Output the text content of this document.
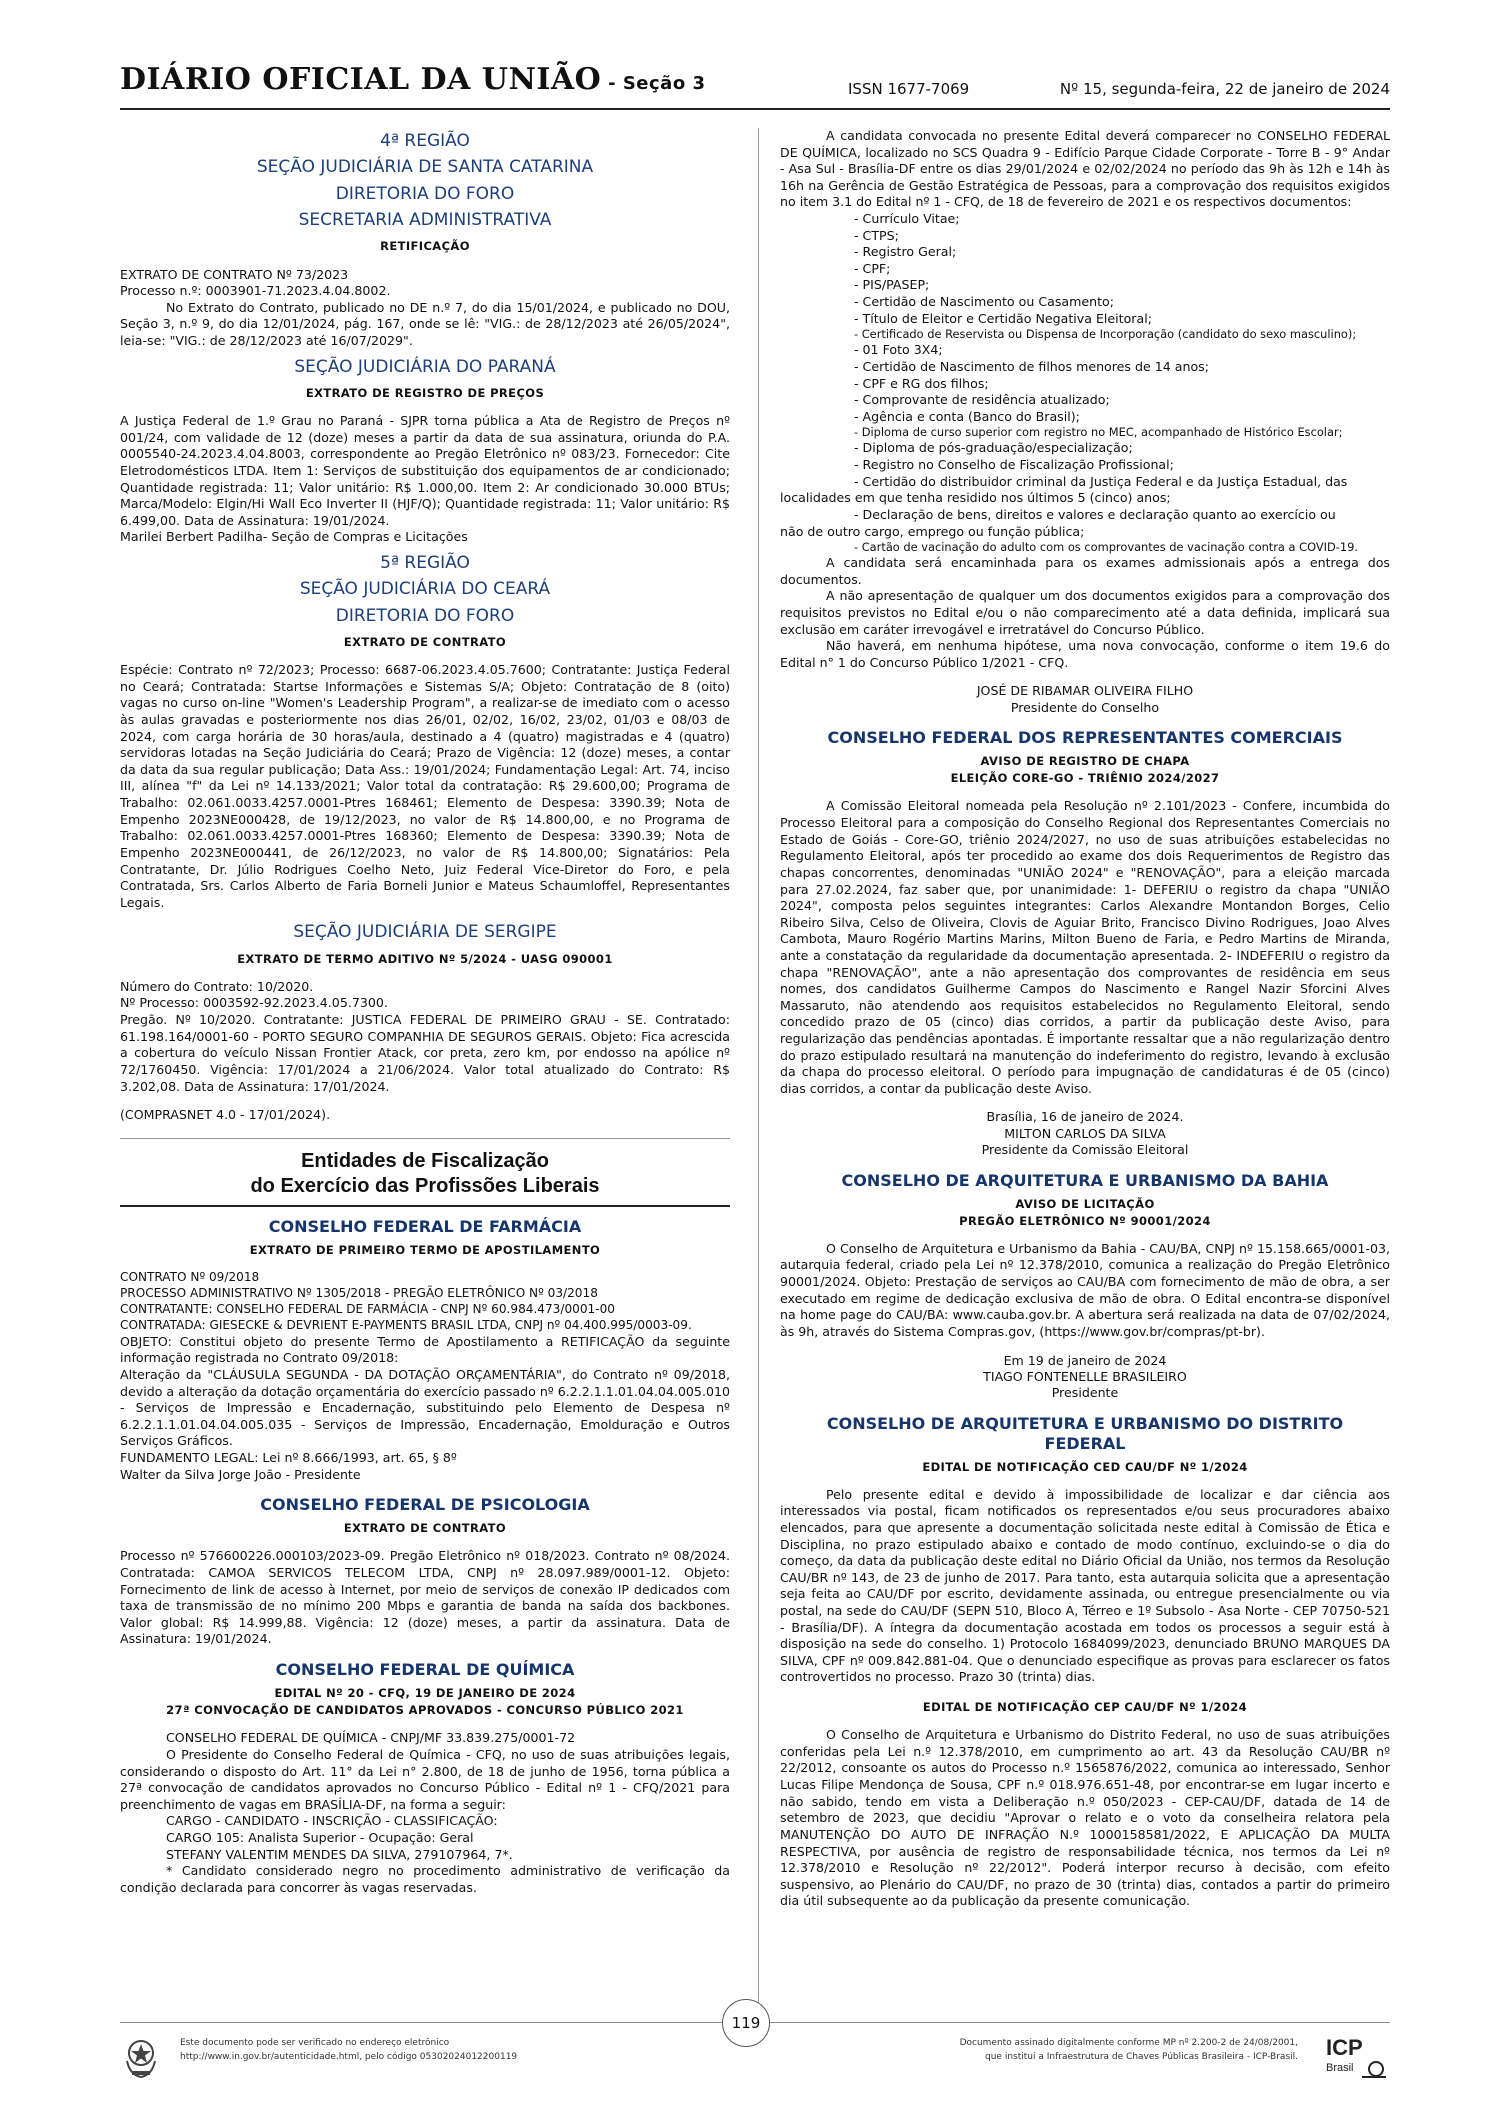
DIÁRIO OFICIAL DA UNIÃO - Seção 3	ISSN 1677-7069	Nº 15, segunda-feira, 22 de janeiro de 2024
4ª REGIÃO
SEÇÃO JUDICIÁRIA DE SANTA CATARINA
DIRETORIA DO FORO
SECRETARIA ADMINISTRATIVA
RETIFICAÇÃO

EXTRATO DE CONTRATO Nº 73/2023

Processo n.º: 0003901-71.2023.4.04.8002.

No Extrato do Contrato, publicado no DE n.º 7, do dia 15/01/2024, e publicado no DOU, Seção 3, n.º 9, do dia 12/01/2024, pág. 167, onde se lê: "VIG.: de 28/12/2023 até 26/05/2024", leia-se: "VIG.: de 28/12/2023 até 16/07/2029".

SEÇÃO JUDICIÁRIA DO PARANÁ
EXTRATO DE REGISTRO DE PREÇOS

A Justiça Federal de 1.º Grau no Paraná - SJPR torna pública a Ata de Registro de Preços nº 001/24, com validade de 12 (doze) meses a partir da data de sua assinatura, oriunda do P.A. 0005540-24.2023.4.04.8003, correspondente ao Pregão Eletrônico nº 083/23. Fornecedor: Cite Eletrodomésticos LTDA. Item 1: Serviços de substituição dos equipamentos de ar condicionado; Quantidade registrada: 11; Valor unitário: R$ 1.000,00. Item 2: Ar condicionado 30.000 BTUs; Marca/Modelo: Elgin/Hi Wall Eco Inverter II (HJF/Q); Quantidade registrada: 11; Valor unitário: R$ 6.499,00. Data de Assinatura: 19/01/2024.

Marilei Berbert Padilha- Seção de Compras e Licitações

5ª REGIÃO
SEÇÃO JUDICIÁRIA DO CEARÁ
DIRETORIA DO FORO
EXTRATO DE CONTRATO

Espécie: Contrato nº 72/2023; Processo: 6687-06.2023.4.05.7600; Contratante: Justiça Federal no Ceará; Contratada: Startse Informações e Sistemas S/A; Objeto: Contratação de 8 (oito) vagas no curso on-line "Women's Leadership Program", a realizar-se de imediato com o acesso às aulas gravadas e posteriormente nos dias 26/01, 02/02, 16/02, 23/02, 01/03 e 08/03 de 2024, com carga horária de 30 horas/aula, destinado a 4 (quatro) magistradas e 4 (quatro) servidoras lotadas na Seção Judiciária do Ceará; Prazo de Vigência: 12 (doze) meses, a contar da data da sua regular publicação; Data Ass.: 19/01/2024; Fundamentação Legal: Art. 74, inciso III, alínea "f" da Lei nº 14.133/2021; Valor total da contratação: R$ 29.600,00; Programa de Trabalho: 02.061.0033.4257.0001-Ptres 168461; Elemento de Despesa: 3390.39; Nota de Empenho 2023NE000428, de 19/12/2023, no valor de R$ 14.800,00, e no Programa de Trabalho: 02.061.0033.4257.0001-Ptres 168360; Elemento de Despesa: 3390.39; Nota de Empenho 2023NE000441, de 26/12/2023, no valor de R$ 14.800,00; Signatários: Pela Contratante, Dr. Júlio Rodrigues Coelho Neto, Juiz Federal Vice-Diretor do Foro, e pela Contratada, Srs. Carlos Alberto de Faria Borneli Junior e Mateus Schaumloffel, Representantes Legais.

SEÇÃO JUDICIÁRIA DE SERGIPE
EXTRATO DE TERMO ADITIVO Nº 5/2024 - UASG 090001

Número do Contrato: 10/2020.

Nº Processo: 0003592-92.2023.4.05.7300.

Pregão. Nº 10/2020. Contratante: JUSTICA FEDERAL DE PRIMEIRO GRAU - SE. Contratado: 61.198.164/0001-60 - PORTO SEGURO COMPANHIA DE SEGUROS GERAIS. Objeto: Fica acrescida a cobertura do veículo Nissan Frontier Atack, cor preta, zero km, por endosso na apólice nº 72/1760450. Vigência: 17/01/2024 a 21/06/2024. Valor total atualizado do Contrato: R$ 3.202,08. Data de Assinatura: 17/01/2024.

(COMPRASNET 4.0 - 17/01/2024).

Entidades de Fiscalização
do Exercício das Profissões Liberais
CONSELHO FEDERAL DE FARMÁCIA
EXTRATO DE PRIMEIRO TERMO DE APOSTILAMENTO

CONTRATO Nº 09/2018

PROCESSO ADMINISTRATIVO Nº 1305/2018 - PREGÃO ELETRÔNICO Nº 03/2018

CONTRATANTE: CONSELHO FEDERAL DE FARMÁCIA - CNPJ Nº 60.984.473/0001-00

CONTRATADA: GIESECKE & DEVRIENT E-PAYMENTS BRASIL LTDA, CNPJ nº 04.400.995/0003-09.

OBJETO: Constitui objeto do presente Termo de Apostilamento a RETIFICAÇÃO da seguinte informação registrada no Contrato 09/2018:

Alteração da "CLÁUSULA SEGUNDA - DA DOTAÇÃO ORÇAMENTÁRIA", do Contrato nº 09/2018, devido a alteração da dotação orçamentária do exercício passado nº 6.2.2.1.1.01.04.04.005.010 - Serviços de Impressão e Encadernação, substituindo pelo Elemento de Despesa nº 6.2.2.1.1.01.04.04.005.035 - Serviços de Impressão, Encadernação, Emolduração e Outros Serviços Gráficos.

FUNDAMENTO LEGAL: Lei nº 8.666/1993, art. 65, § 8º

Walter da Silva Jorge João - Presidente

CONSELHO FEDERAL DE PSICOLOGIA
EXTRATO DE CONTRATO

Processo nº 576600226.000103/2023-09. Pregão Eletrônico nº 018/2023. Contrato nº 08/2024. Contratada: CAMOA SERVICOS TELECOM LTDA, CNPJ nº 28.097.989/0001-12. Objeto: Fornecimento de link de acesso à Internet, por meio de serviços de conexão IP dedicados com taxa de transmissão de no mínimo 200 Mbps e garantia de banda na saída dos backbones. Valor global: R$ 14.999,88. Vigência: 12 (doze) meses, a partir da assinatura. Data de Assinatura: 19/01/2024.

CONSELHO FEDERAL DE QUÍMICA
EDITAL Nº 20 - CFQ, 19 DE JANEIRO DE 2024
27ª CONVOCAÇÃO DE CANDIDATOS APROVADOS - CONCURSO PÚBLICO 2021

CONSELHO FEDERAL DE QUÍMICA - CNPJ/MF 33.839.275/0001-72

O Presidente do Conselho Federal de Química - CFQ, no uso de suas atribuições legais, considerando o disposto do Art. 11° da Lei n° 2.800, de 18 de junho de 1956, torna pública a 27ª convocação de candidatos aprovados no Concurso Público - Edital nº 1 - CFQ/2021 para preenchimento de vagas em BRASÍLIA-DF, na forma a seguir:

CARGO - CANDIDATO - INSCRIÇÃO - CLASSIFICAÇÃO:

CARGO 105: Analista Superior - Ocupação: Geral

STEFANY VALENTIM MENDES DA SILVA, 279107964, 7*.

* Candidato considerado negro no procedimento administrativo de verificação da condição declarada para concorrer às vagas reservadas.

A candidata convocada no presente Edital deverá comparecer no CONSELHO FEDERAL DE QUÍMICA, localizado no SCS Quadra 9 - Edifício Parque Cidade Corporate - Torre B - 9° Andar - Asa Sul - Brasília-DF entre os dias 29/01/2024 e 02/02/2024 no período das 9h às 12h e 14h às 16h na Gerência de Gestão Estratégica de Pessoas, para a comprovação dos requisitos exigidos no item 3.1 do Edital nº 1 - CFQ, de 18 de fevereiro de 2021 e os respectivos documentos:

- Currículo Vitae;

- CTPS;

- Registro Geral;

- CPF;

- PIS/PASEP;

- Certidão de Nascimento ou Casamento;

- Título de Eleitor e Certidão Negativa Eleitoral;

- Certificado de Reservista ou Dispensa de Incorporação (candidato do sexo masculino);

- 01 Foto 3X4;

- Certidão de Nascimento de filhos menores de 14 anos;

- CPF e RG dos filhos;

- Comprovante de residência atualizado;

- Agência e conta (Banco do Brasil);

- Diploma de curso superior com registro no MEC, acompanhado de Histórico Escolar;

- Diploma de pós-graduação/especialização;

- Registro no Conselho de Fiscalização Profissional;

- Certidão do distribuidor criminal da Justiça Federal e da Justiça Estadual, das

localidades em que tenha residido nos últimos 5 (cinco) anos;

- Declaração de bens, direitos e valores e declaração quanto ao exercício ou

não de outro cargo, emprego ou função pública;

- Cartão de vacinação do adulto com os comprovantes de vacinação contra a COVID-19.

A candidata será encaminhada para os exames admissionais após a entrega dos documentos.

A não apresentação de qualquer um dos documentos exigidos para a comprovação dos requisitos previstos no Edital e/ou o não comparecimento até a data definida, implicará sua exclusão em caráter irrevogável e irretratável do Concurso Público.

Não haverá, em nenhuma hipótese, uma nova convocação, conforme o item 19.6 do Edital n° 1 do Concurso Público 1/2021 - CFQ.

JOSÉ DE RIBAMAR OLIVEIRA FILHO
Presidente do Conselho
CONSELHO FEDERAL DOS REPRESENTANTES COMERCIAIS
AVISO DE REGISTRO DE CHAPA
ELEIÇÃO CORE-GO - TRIÊNIO 2024/2027

A Comissão Eleitoral nomeada pela Resolução nº 2.101/2023 - Confere, incumbida do Processo Eleitoral para a composição do Conselho Regional dos Representantes Comerciais no Estado de Goiás - Core-GO, triênio 2024/2027, no uso de suas atribuições estabelecidas no Regulamento Eleitoral, após ter procedido ao exame dos dois Requerimentos de Registro das chapas concorrentes, denominadas "UNIÃO 2024" e "RENOVAÇÃO", para a eleição marcada para 27.02.2024, faz saber que, por unanimidade: 1- DEFERIU o registro da chapa "UNIÃO 2024", composta pelos seguintes integrantes: Carlos Alexandre Montandon Borges, Celio Ribeiro Silva, Celso de Oliveira, Clovis de Aguiar Brito, Francisco Divino Rodrigues, Joao Alves Cambota, Mauro Rogério Martins Marins, Milton Bueno de Faria, e Pedro Martins de Miranda, ante a constatação da regularidade da documentação apresentada. 2- INDEFERIU o registro da chapa "RENOVAÇÃO", ante a não apresentação dos comprovantes de residência em seus nomes, dos candidatos Guilherme Campos do Nascimento e Rangel Nazir Sforcini Alves Massaruto, não atendendo aos requisitos estabelecidos no Regulamento Eleitoral, sendo concedido prazo de 05 (cinco) dias corridos, a partir da publicação deste Aviso, para regularização das pendências apontadas. É importante ressaltar que a não regularização dentro do prazo estipulado resultará na manutenção do indeferimento do registro, levando à exclusão da chapa do processo eleitoral. O período para impugnação de candidaturas é de 05 (cinco) dias corridos, a contar da publicação deste Aviso.

Brasília, 16 de janeiro de 2024.
MILTON CARLOS DA SILVA
Presidente da Comissão Eleitoral
CONSELHO DE ARQUITETURA E URBANISMO DA BAHIA
AVISO DE LICITAÇÃO
PREGÃO ELETRÔNICO Nº 90001/2024

O Conselho de Arquitetura e Urbanismo da Bahia - CAU/BA, CNPJ nº 15.158.665/0001-03, autarquia federal, criado pela Lei nº 12.378/2010, comunica a realização do Pregão Eletrônico 90001/2024. Objeto: Prestação de serviços ao CAU/BA com fornecimento de mão de obra, a ser executado em regime de dedicação exclusiva de mão de obra. O Edital encontra-se disponível na home page do CAU/BA: www.cauba.gov.br. A abertura será realizada na data de 07/02/2024, às 9h, através do Sistema Compras.gov, (https://www.gov.br/compras/pt-br).

Em 19 de janeiro de 2024
TIAGO FONTENELLE BRASILEIRO
Presidente
CONSELHO DE ARQUITETURA E URBANISMO DO DISTRITO
FEDERAL
EDITAL DE NOTIFICAÇÃO CED CAU/DF Nº 1/2024

Pelo presente edital e devido à impossibilidade de localizar e dar ciência aos interessados via postal, ficam notificados os representados e/ou seus procuradores abaixo elencados, para que apresente a documentação solicitada neste edital à Comissão de Ética e Disciplina, no prazo estipulado abaixo e contado de modo contínuo, excluindo-se o dia do começo, da data da publicação deste edital no Diário Oficial da União, nos termos da Resolução CAU/BR nº 143, de 23 de junho de 2017. Para tanto, esta autarquia solicita que a apresentação seja feita ao CAU/DF por escrito, devidamente assinada, ou entregue presencialmente ou via postal, na sede do CAU/DF (SEPN 510, Bloco A, Térreo e 1º Subsolo - Asa Norte - CEP 70750-521 - Brasília/DF). A íntegra da documentação acostada em todos os processos a seguir está à disposição na sede do conselho. 1) Protocolo 1684099/2023, denunciado BRUNO MARQUES DA SILVA, CPF nº 009.842.881-04. Que o denunciado especifique as provas para esclarecer os fatos controvertidos no processo. Prazo 30 (trinta) dias.

EDITAL DE NOTIFICAÇÃO CEP CAU/DF Nº 1/2024

O Conselho de Arquitetura e Urbanismo do Distrito Federal, no uso de suas atribuições conferidas pela Lei n.º 12.378/2010, em cumprimento ao art. 43 da Resolução CAU/BR nº 22/2012, consoante os autos do Processo n.º 1565876/2022, comunica ao interessado, Senhor Lucas Filipe Mendonça de Sousa, CPF n.º 018.976.651-48, por encontrar-se em lugar incerto e não sabido, tendo em vista a Deliberação n.º 050/2023 - CEP-CAU/DF, datada de 14 de setembro de 2023, que decidiu "Aprovar o relato e o voto da conselheira relatora pela MANUTENÇÃO DO AUTO DE INFRAÇÃO N.º 1000158581/2022, E APLICAÇÃO DA MULTA RESPECTIVA, por ausência de registro de responsabilidade técnica, nos termos da Lei nº 12.378/2010 e Resolução nº 22/2012". Poderá interpor recurso à decisão, com efeito suspensivo, ao Plenário do CAU/DF, no prazo de 30 (trinta) dias, contados a partir do primeiro dia útil subsequente ao da publicação da presente comunicação.

Este documento pode ser verificado no endereço eletrônico
http://www.in.gov.br/autenticidade.html, pelo código 05302024012200119
119
Documento assinado digitalmente conforme MP nº 2.200-2 de 24/08/2001,
que institui a Infraestrutura de Chaves Públicas Brasileira - ICP-Brasil. ICP
Brasil
